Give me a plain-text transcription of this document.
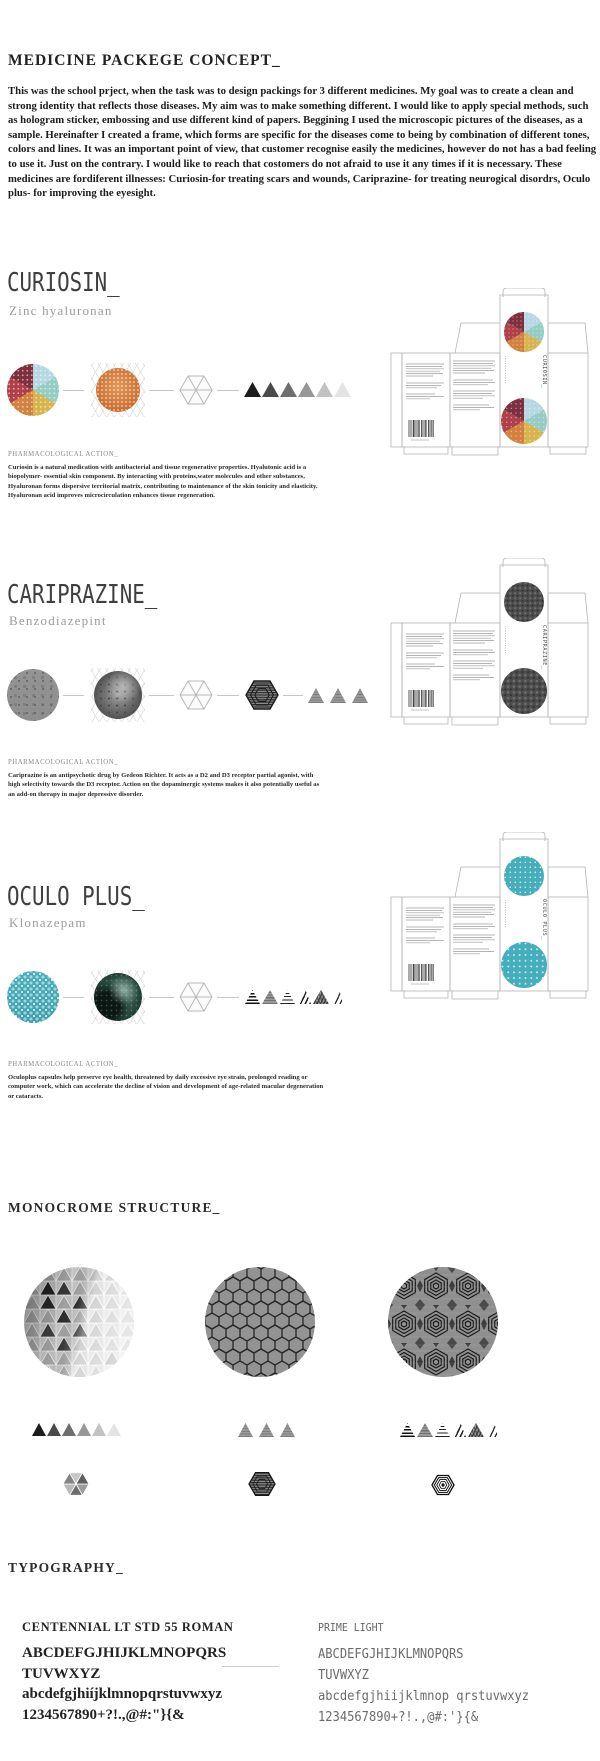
MEDICINE PACKEGE CONCEPT_
This was the school prject, when the task was to design packings for 3 different medicines. My goal was to create a clean and strong identity that reflects those diseases. My aim was to make something different. I would like to apply special methods, such as hologram sticker, embossing and use different kind of papers. Beggining I used the microscopic pictures of the diseases, as a sample. Hereinafter I created a frame, which forms are specific for the diseases come to being by combination of different tones, colors and lines. It was an important point of view, that customer recognise easily the medicines, however do not has a bad feeling to use it. Just on the contrary. I would like to reach that costomers do not afraid to use it any times if it is necessary. These medicines are fordiferent illnesses: Curiosin-for treating scars and wounds, Cariprazine- for treating neurogical disordrs, Oculo plus- for improving the eyesight.
CURIOSIN_
Zinc hyaluronan
PHARMACOLOGICAL ACTION_
Curiosin is a natural medication with antibacterial and tissue regenerative properties. Hyalutonic acid is a biopolymer- essential skin component. By interacting with proteins,water molecules and other substances, Hyaluronan forms dispersive territorial matrix, contributing to maintenance of the skin tonicity and elasticity. Hyaluronan acid improves microcirculation enhances tissue regeneration.
CURIOSIN_
CARIPRAZINE_
Benzodiazepint
PHARMACOLOGICAL ACTION_
Cariprazine is an antipsychotic drug by Gedeon Richter. It acts as a D2 and D3 receptor partial agonist, with high selectivity towards the D3 receptor. Action on the dopaminergic systems makes it also potentially useful as an add-on therapy in major depressive disorder.
CARIPRAZINE_
OCULO PLUS_
Klonazepam
PHARMACOLOGICAL ACTION_
Oculoplus capsules help preserve eye health, threatened by daily excessive eye strain, prolonged reading or computer work, which can accelerate the decline of vision and development of age-related macular degeneration or cataracts.
OCULO PLUS_
MONOCROME STRUCTURE_
TYPOGRAPHY_
CENTENNIAL LT STD 55 ROMAN
ABCDEFGJHIJKLMNOPQRS
TUVWXYZ
abcdefgjhiíjklmnopqrstuvwxyz
1234567890+?!.,@#:"}{&
PRIME LIGHT
ABCDEFGJHIJKLMNOPQRS
TUVWXYZ
abcdefgjhiijklmnop qrstuvwxyz
1234567890+?!.,@#:'}{&
